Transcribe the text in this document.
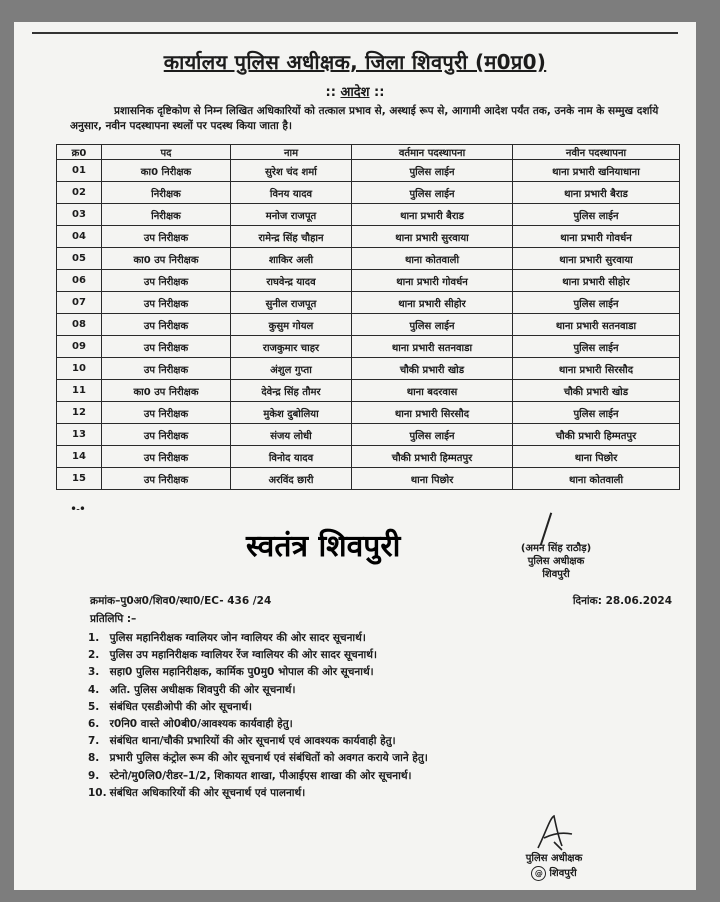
कार्यालय पुलिस अधीक्षक, जिला शिवपुरी (म0प्र0)
:: आदेश ::
प्रशासनिक दृष्टिकोण से निम्न लिखित अधिकारियों को तत्काल प्रभाव से, अस्थाई रूप से, आगामी आदेश पर्यंत तक, उनके नाम के सम्मुख दर्शाये अनुसार, नवीन पदस्थापना स्थलों पर पदस्थ किया जाता है।
क्र0	पद	नाम	वर्तमान पदस्थापना	नवीन पदस्थापना
01	का0 निरीक्षक	सुरेश चंद शर्मा	पुलिस लाईन	थाना प्रभारी खनियाधाना
02	निरीक्षक	विनय यादव	पुलिस लाईन	थाना प्रभारी बैराड
03	निरीक्षक	मनोज राजपूत	थाना प्रभारी बैराड	पुलिस लाईन
04	उप निरीक्षक	रामेन्द्र सिंह चौहान	थाना प्रभारी सुरवाया	थाना प्रभारी गोवर्धन
05	का0 उप निरीक्षक	शाकिर अली	थाना कोतवाली	थाना प्रभारी सुरवाया
06	उप निरीक्षक	राघवेन्द्र यादव	थाना प्रभारी गोवर्धन	थाना प्रभारी सीहोर
07	उप निरीक्षक	सुनील राजपूत	थाना प्रभारी सीहोर	पुलिस लाईन
08	उप निरीक्षक	कुसुम गोयल	पुलिस लाईन	थाना प्रभारी सतनवाडा
09	उप निरीक्षक	राजकुमार चाहर	थाना प्रभारी सतनवाडा	पुलिस लाईन
10	उप निरीक्षक	अंशुल गुप्ता	चौकी प्रभारी खोड	थाना प्रभारी सिरसौद
11	का0 उप निरीक्षक	देवेन्द्र सिंह तौमर	थाना बदरवास	चौकी प्रभारी खोड
12	उप निरीक्षक	मुकेश दुबोलिया	थाना प्रभारी सिरसौद	पुलिस लाईन
13	उप निरीक्षक	संजय लोधी	पुलिस लाईन	चौकी प्रभारी हिम्मतपुर
14	उप निरीक्षक	विनोद यादव	चौकी प्रभारी हिम्मतपुर	थाना पिछोर
15	उप निरीक्षक	अरविंद छारी	थाना पिछोर	थाना कोतवाली
•˗•
स्वतंत्र शिवपुरी	(अमन सिंह राठौड़)
पुलिस अधीक्षक
शिवपुरी
क्रमांक–पु0अ0/शिव0/स्था0/EC- 436 /24	दिनांक: 28.06.2024
प्रतिलिपि :–
1. पुलिस महानिरीक्षक ग्वालियर जोन ग्वालियर की ओर सादर सूचनार्थ।
2. पुलिस उप महानिरीक्षक ग्वालियर रेंज ग्वालियर की ओर सादर सूचनार्थ।
3. सहा0 पुलिस महानिरीक्षक, कार्मिक पु0मु0 भोपाल की ओर सूचनार्थ।
4. अति. पुलिस अधीक्षक शिवपुरी की ओर सूचनार्थ।
5. संबंधित एसडीओपी की ओर सूचनार्थ।
6. र0नि0 वास्ते ओ0बी0/आवश्यक कार्यवाही हेतु।
7. संबंधित थाना/चौकी प्रभारियों की ओर सूचनार्थ एवं आवश्यक कार्यवाही हेतु।
8. प्रभारी पुलिस कंट्रोल रूम की ओर सूचनार्थ एवं संबंधितों को अवगत कराये जाने हेतु।
9. स्टेनो/मु0लि0/रीडर–1/2, शिकायत शाखा, पीआईएस शाखा की ओर सूचनार्थ।
10. संबंधित अधिकारियों की ओर सूचनार्थ एवं पालनार्थ।
पुलिस अधीक्षक
@ शिवपुरी
